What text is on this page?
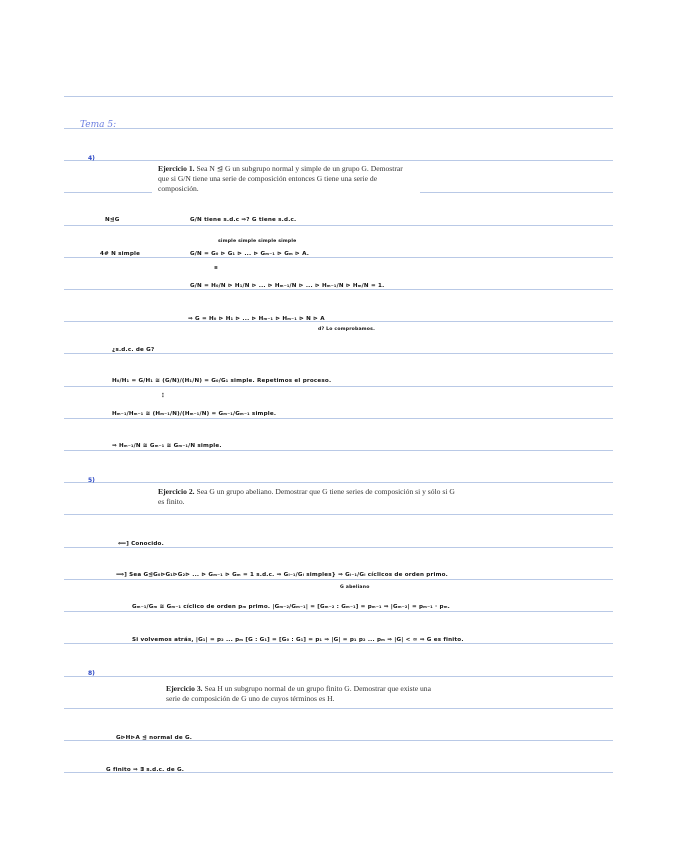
Tema 5:
4)
5)
8)
Ejercicio 1. Sea N ⊴ G un subgrupo normal y simple de un grupo G. Demostrar que si G/N tiene una serie de composición entonces G tiene una serie de composición.
N⊴G	G/N tiene s.d.c ⇒? G tiene s.d.c.
simple simple simple simple
4# N simple	G/N = G₀ ⊳ G₁ ⊳ ... ⊳ Gₘ₋₁ ⊳ Gₘ ⊳ A.
≡
G/N = H₀/N ⊳ H₁/N ⊳ ... ⊳ Hₘ₋₁/N ⊳ ... ⊳ Hₘ₋₁/N ⊳ Hₘ/N = 1.
⇒ G = H₀ ⊳ H₁ ⊳ ... ⊳ Hₘ₋₁ ⊳ Hₘ₋₁ ⊳ N ⊳ A
d? Lo comprobamos.
¿s.d.c. de G?
H₀/H₁ = G/H₁ ≅ (G/N)/(H₁/N) = G₀/G₁ simple. Repetimos el proceso.
⋮
Hₘ₋₁/Hₘ₋₁ ≅ (Hₘ₋₁/N)/(Hₘ₋₁/N) = Gₘ₋₁/Gₘ₋₁ simple.
⇒ Hₘ₋₁/N ≅ Gₘ₋₁ ≅ Gₘ₋₁/N simple.
Ejercicio 2. Sea G un grupo abeliano. Demostrar que G tiene series de composición si y sólo si G es finito.
⟸] Conocido.
⟹] Sea G⊴G₀⊳G₁⊳G₂⊳ ... ⊳ Gₘ₋₁ ⊳ Gₘ = 1 s.d.c. ⇒ Gᵢ₋₁/Gᵢ simples} ⇒ Gᵢ₋₁/Gᵢ cíclicos de orden primo.
G abeliano
Gₘ₋₁/Gₘ ≅ Gₘ₋₁ cíclico de orden pₘ primo. |Gₘ₋₂/Gₘ₋₁| = [Gₘ₋₂ : Gₘ₋₁] = pₘ₋₁ ⇒ |Gₘ₋₂| = pₘ₋₁ · pₘ.
Si volvemos atrás, |G₁| = p₂ ... pₘ [G : G₁] = [G₀ : G₁] = p₁ ⇒ |G| = p₁ p₂ ... pₘ ⇒ |G| < ∞ ⇒ G es finito.
Ejercicio 3. Sea H un subgrupo normal de un grupo finito G. Demostrar que existe una serie de composición de G uno de cuyos términos es H.
G⊳H⊳A ⊴ normal de G.
G finito ⇒ ∃ s.d.c. de G.
